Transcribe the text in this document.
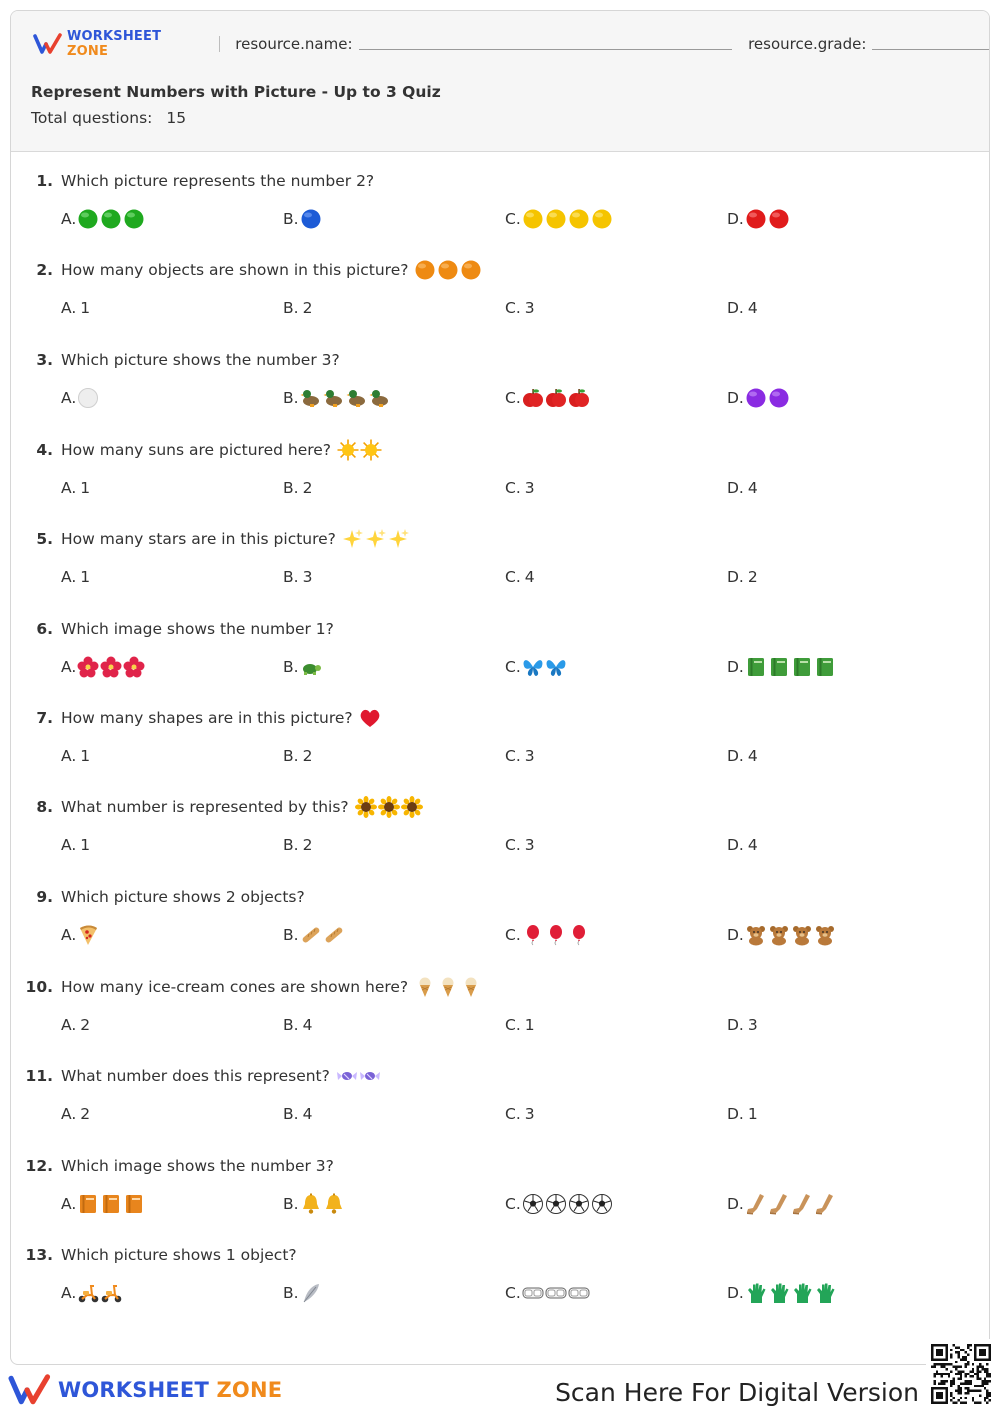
WORKSHEET ZONE	resource.name:	resource.grade:
Represent Numbers with Picture - Up to 3 Quiz
Total questions: 15
1. Which picture represents the number 2?
A.	B.	C.	D.
2. How many objects are shown in this picture?
A. 1	B. 2	C. 3	D. 4
3. Which picture shows the number 3?
A.	B.	C.	D.
4. How many suns are pictured here?
A. 1	B. 2	C. 3	D. 4
5. How many stars are in this picture?
A. 1	B. 3	C. 4	D. 2
6. Which image shows the number 1?
A.	B.	C.	D.
7. How many shapes are in this picture?
A. 1	B. 2	C. 3	D. 4
8. What number is represented by this?
A. 1	B. 2	C. 3	D. 4
9. Which picture shows 2 objects?
A.	B.	C.	D.
10. How many ice-cream cones are shown here?
A. 2	B. 4	C. 1	D. 3
11. What number does this represent?
A. 2	B. 4	C. 3	D. 1
12. Which image shows the number 3?
A.	B.	C.	D.
13. Which picture shows 1 object?
A.	B.	C.	D.
WORKSHEET ZONE	Scan Here For Digital Version
